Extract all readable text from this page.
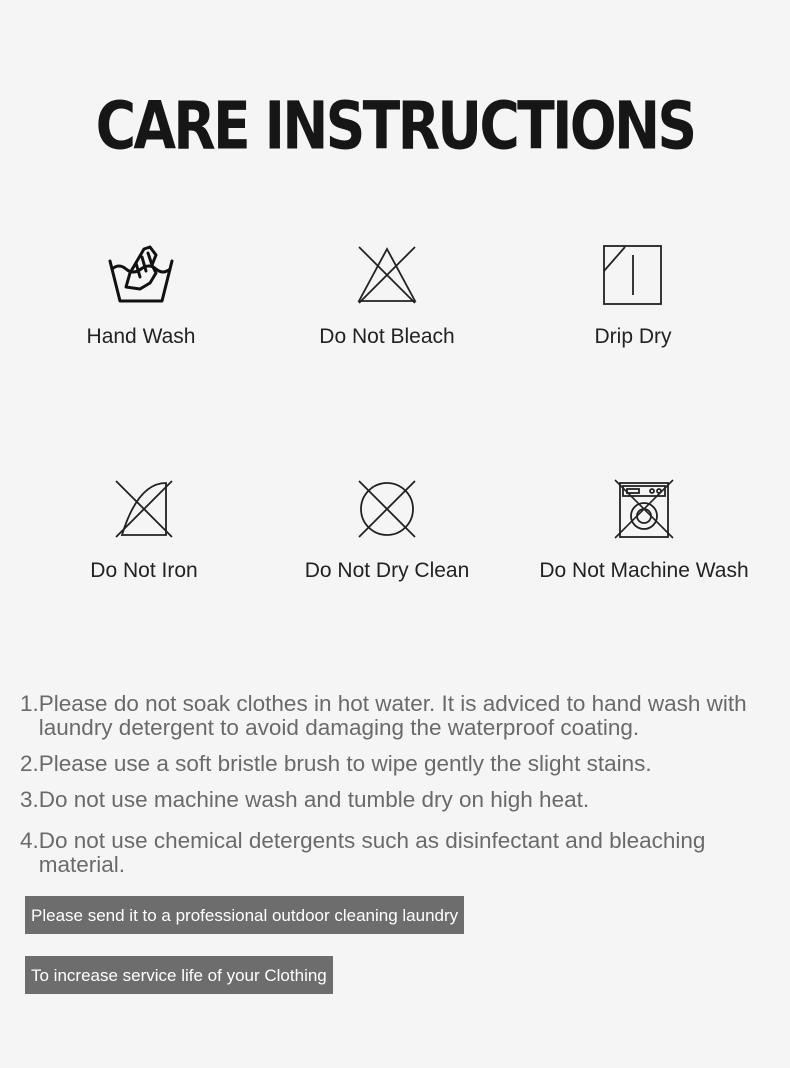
CARE INSTRUCTIONS
Hand Wash	Do Not Bleach	Drip Dry
Do Not Iron	Do Not Dry Clean	Do Not Machine Wash
1. Please do not soak clothes in hot water. It is adviced to hand wash with laundry detergent to avoid damaging the waterproof coating.
2. Please use a soft bristle brush to wipe gently the slight stains.
3. Do not use machine wash and tumble dry on high heat.
4. Do not use chemical detergents such as disinfectant and bleaching material.
Please send it to a professional outdoor cleaning laundry
To increase service life of your Clothing
